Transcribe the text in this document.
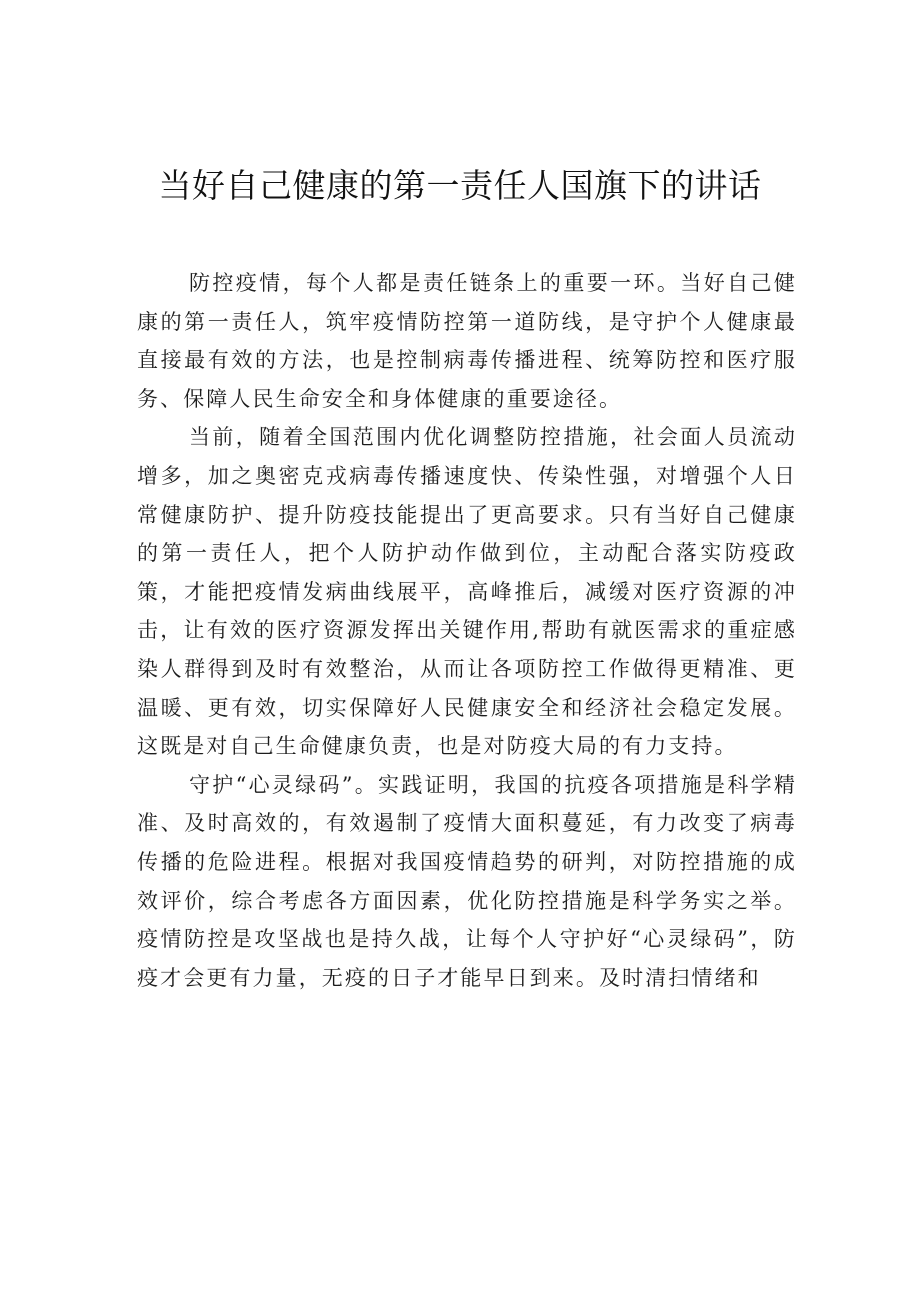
当好自己健康的第一责任人国旗下的讲话

防控疫情，每个人都是责任链条上的重要一环。当好自己健康的第一责任人，筑牢疫情防控第一道防线，是守护个人健康最直接最有效的方法，也是控制病毒传播进程、统筹防控和医疗服务、保障人民生命安全和身体健康的重要途径。

当前，随着全国范围内优化调整防控措施，社会面人员流动增多，加之奥密克戎病毒传播速度快、传染性强，对增强个人日常健康防护、提升防疫技能提出了更高要求。只有当好自己健康的第一责任人，把个人防护动作做到位，主动配合落实防疫政策，才能把疫情发病曲线展平，高峰推后，减缓对医疗资源的冲击，让有效的医疗资源发挥出关键作用,帮助有就医需求的重症感染人群得到及时有效整治，从而让各项防控工作做得更精准、更温暖、更有效，切实保障好人民健康安全和经济社会稳定发展。这既是对自己生命健康负责，也是对防疫大局的有力支持。

守护“心灵绿码”。实践证明，我国的抗疫各项措施是科学精准、及时高效的，有效遏制了疫情大面积蔓延，有力改变了病毒传播的危险进程。根据对我国疫情趋势的研判，对防控措施的成效评价，综合考虑各方面因素，优化防控措施是科学务实之举。疫情防控是攻坚战也是持久战，让每个人守护好“心灵绿码”，防疫才会更有力量，无疫的日子才能早日到来。及时清扫情绪和
